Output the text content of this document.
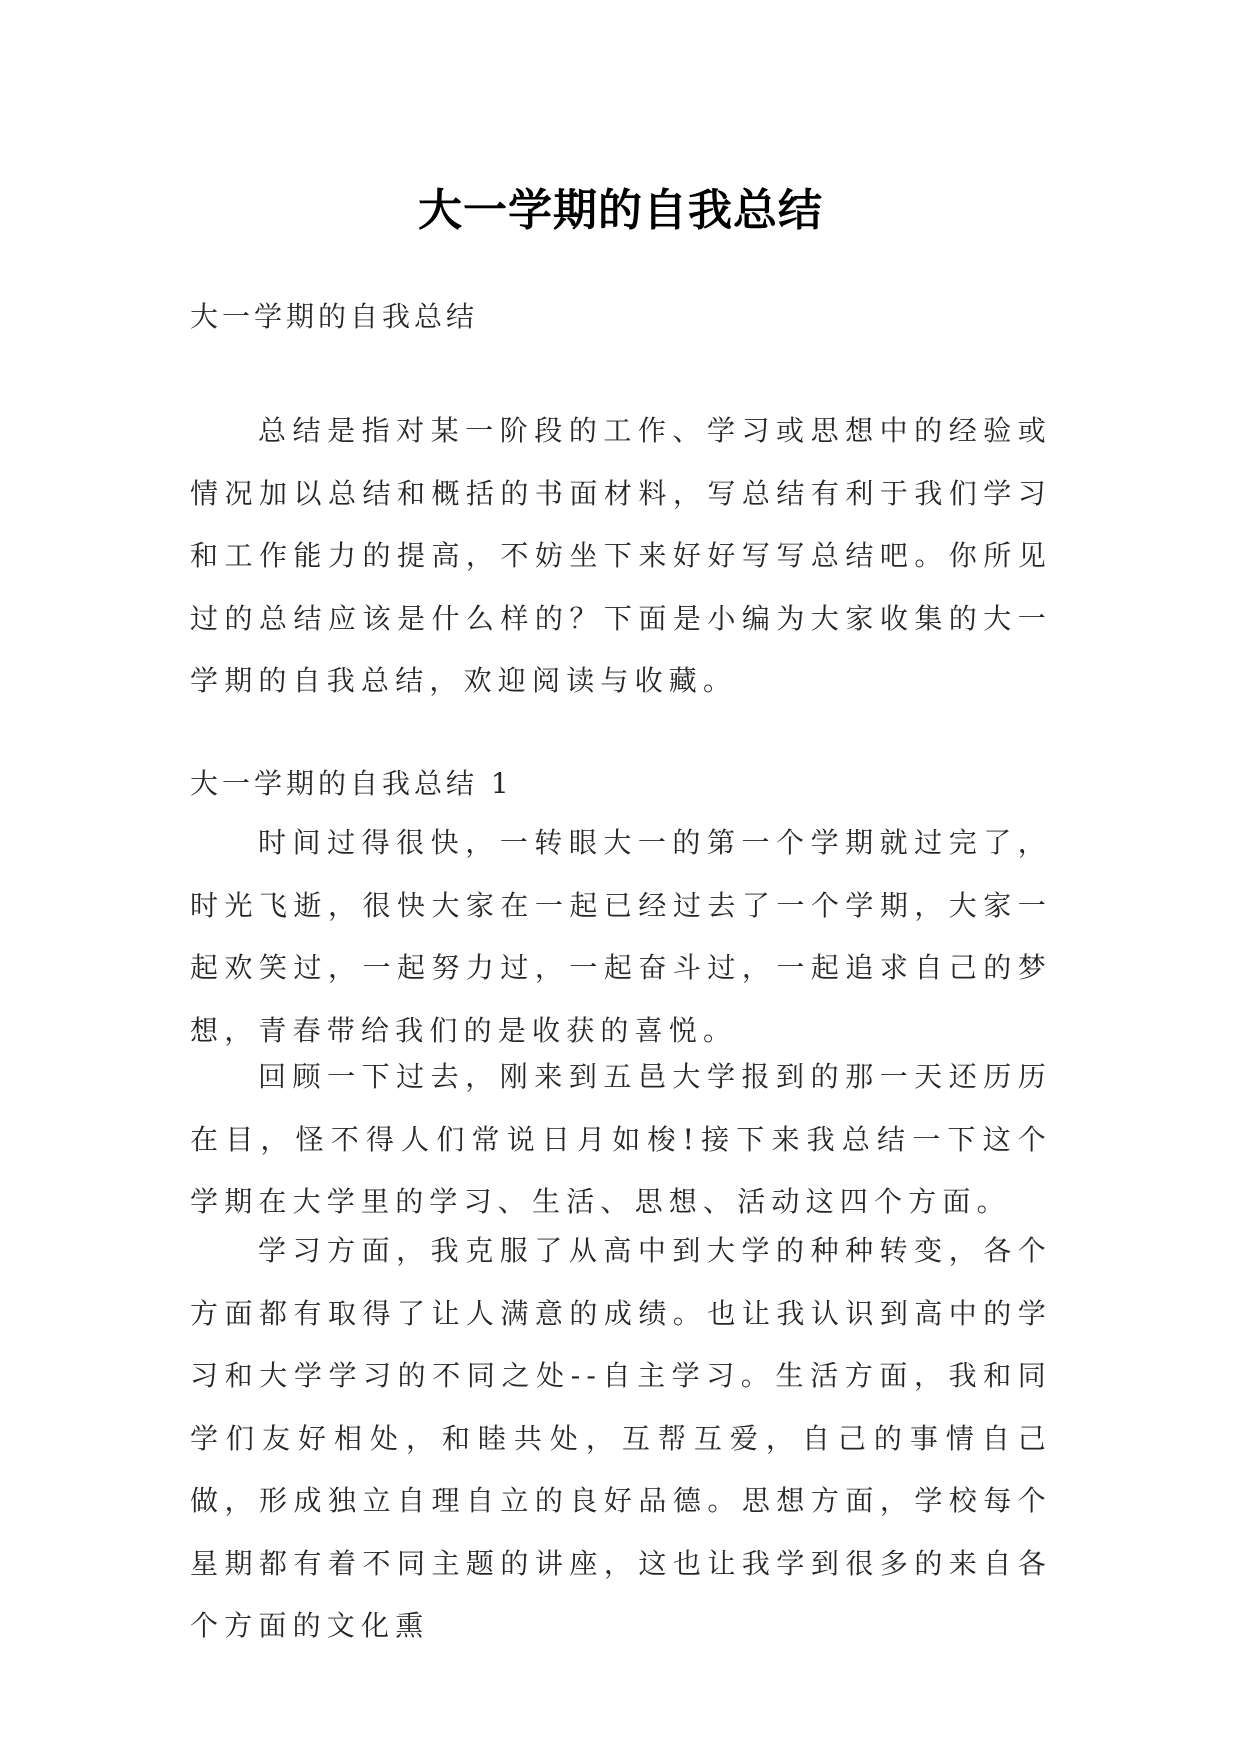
大一学期的自我总结
大一学期的自我总结

总结是指对某一阶段的工作、学习或思想中的经验或情况加以总结和概括的书面材料，写总结有利于我们学习和工作能力的提高，不妨坐下来好好写写总结吧。你所见过的总结应该是什么样的？下面是小编为大家收集的大一学期的自我总结，欢迎阅读与收藏。

大一学期的自我总结 1

时间过得很快，一转眼大一的第一个学期就过完了，时光飞逝，很快大家在一起已经过去了一个学期，大家一起欢笑过，一起努力过，一起奋斗过，一起追求自己的梦想，青春带给我们的是收获的喜悦。

回顾一下过去，刚来到五邑大学报到的那一天还历历在目，怪不得人们常说日月如梭!接下来我总结一下这个学期在大学里的学习、生活、思想、活动这四个方面。

学习方面，我克服了从高中到大学的种种转变，各个方面都有取得了让人满意的成绩。也让我认识到高中的学习和大学学习的不同之处--自主学习。生活方面，我和同学们友好相处，和睦共处，互帮互爱，自己的事情自己做，形成独立自理自立的良好品德。思想方面，学校每个星期都有着不同主题的讲座，这也让我学到很多的来自各个方面的文化熏
